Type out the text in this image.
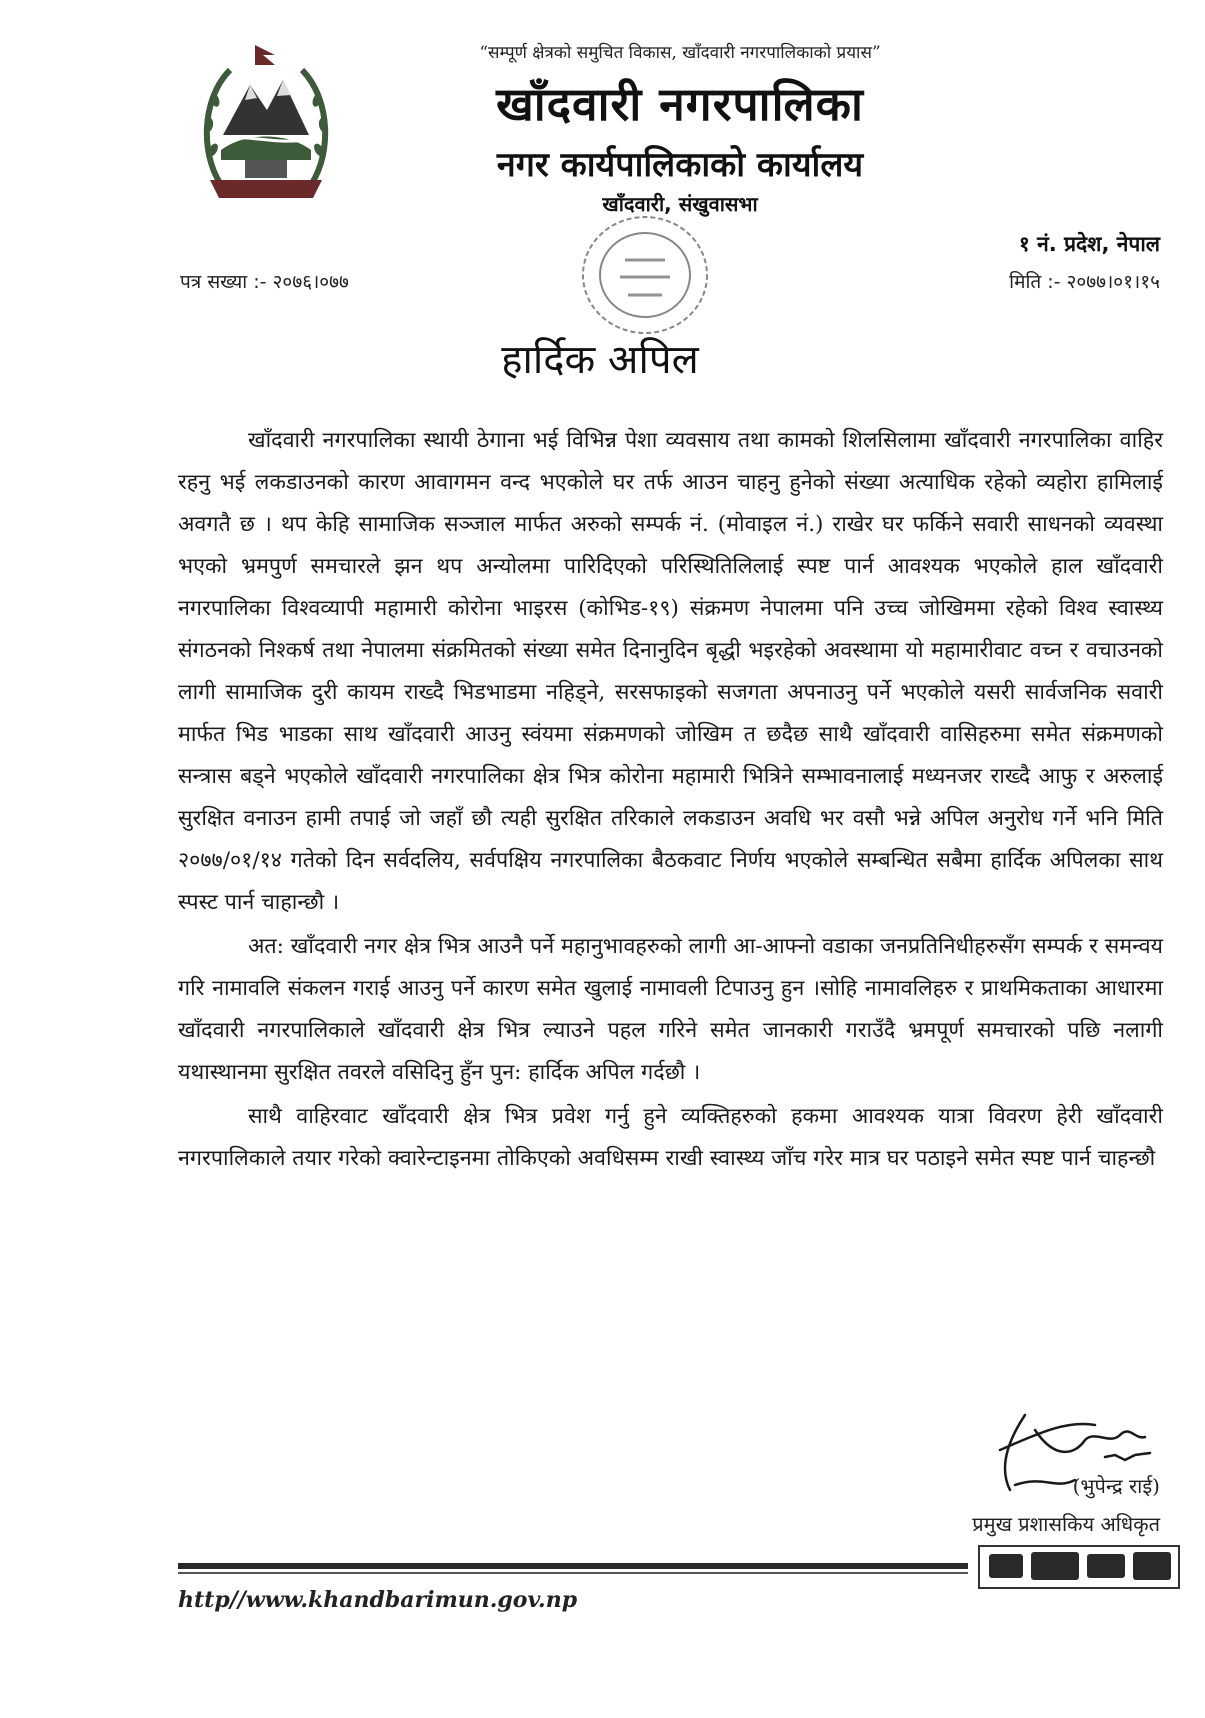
“सम्पूर्ण क्षेत्रको समुचित विकास, खाँदवारी नगरपालिकाको प्रयास”
खाँदवारी नगरपालिका
नगर कार्यपालिकाको कार्यालय
खाँदवारी, संखुवासभा
१ नं. प्रदेश, नेपाल
पत्र सख्या :- २०७६।०७७	मिति :- २०७७।०१।१५
हार्दिक अपिल

खाँदवारी नगरपालिका स्थायी ठेगाना भई विभिन्न पेशा व्यवसाय तथा कामको शिलसिलामा खाँदवारी नगरपालिका वाहिर रहनु भई लकडाउनको कारण आवागमन वन्द भएकोले घर तर्फ आउन चाहनु हुनेको संख्या अत्याधिक रहेको व्यहोरा हामिलाई अवगतै छ । थप केहि सामाजिक सञ्जाल मार्फत अरुको सम्पर्क नं. (मोवाइल नं.) राखेर घर फर्किने सवारी साधनको व्यवस्था भएको भ्रमपुर्ण समचारले झन थप अन्योलमा पारिदिएको परिस्थितिलिलाई स्पष्ट पार्न आवश्यक भएकोले हाल खाँदवारी नगरपालिका विश्वव्यापी महामारी कोरोना भाइरस (कोभिड-१९) संक्रमण नेपालमा पनि उच्च जोखिममा रहेको विश्व स्वास्थ्य संगठनको निश्कर्ष तथा नेपालमा संक्रमितको संख्या समेत दिनानुदिन बृद्धी भइरहेको अवस्थामा यो महामारीवाट वच्न र वचाउनको लागी सामाजिक दुरी कायम राख्दै भिडभाडमा नहिड्ने, सरसफाइको सजगता अपनाउनु पर्ने भएकोले यसरी सार्वजनिक सवारी मार्फत भिड भाडका साथ खाँदवारी आउनु स्वंयमा संक्रमणको जोखिम त छदैछ साथै खाँदवारी वासिहरुमा समेत संक्रमणको सन्त्रास बड्ने भएकोले खाँदवारी नगरपालिका क्षेत्र भित्र कोरोना महामारी भित्रिने सम्भावनालाई मध्यनजर राख्दै आफु र अरुलाई सुरक्षित वनाउन हामी तपाई जो जहाँ छौ त्यही सुरक्षित तरिकाले लकडाउन अवधि भर वसौ भन्ने अपिल अनुरोध गर्ने भनि मिति २०७७/०१/१४ गतेको दिन सर्वदलिय, सर्वपक्षिय नगरपालिका बैठकवाट निर्णय भएकोले सम्बन्धित सबैमा हार्दिक अपिलका साथ स्पस्ट पार्न चाहान्छौ ।

अत: खाँदवारी नगर क्षेत्र भित्र आउनै पर्ने महानुभावहरुको लागी आ-आफ्नो वडाका जनप्रतिनिधीहरुसँग सम्पर्क र समन्वय गरि नामावलि संकलन गराई आउनु पर्ने कारण समेत खुलाई नामावली टिपाउनु हुन ।सोहि नामावलिहरु र प्राथमिकताका आधारमा खाँदवारी नगरपालिकाले खाँदवारी क्षेत्र भित्र ल्याउने पहल गरिने समेत जानकारी गराउँदै भ्रमपूर्ण समचारको पछि नलागी यथास्थानमा सुरक्षित तवरले वसिदिनु हुँन पुन: हार्दिक अपिल गर्दछौ ।

साथै वाहिरवाट खाँदवारी क्षेत्र भित्र प्रवेश गर्नु हुने व्यक्तिहरुको हकमा आवश्यक यात्रा विवरण हेरी खाँदवारी नगरपालिकाले तयार गरेको क्वारेन्टाइनमा तोकिएको अवधिसम्म राखी स्वास्थ्य जाँच गरेर मात्र घर पठाइने समेत स्पष्ट पार्न चाहन्छौ

(भुपेन्द्र राई)
प्रमुख प्रशासकिय अधिकृत
http//www.khandbarimun.gov.np
